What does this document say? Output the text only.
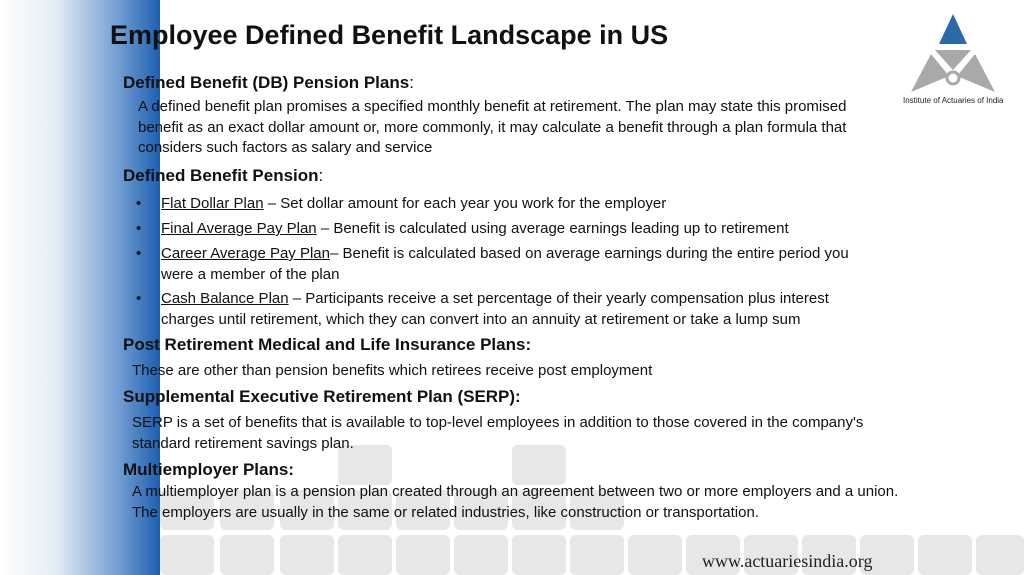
Employee Defined Benefit Landscape in US
Defined Benefit (DB) Pension Plans:
A defined benefit plan promises a specified monthly benefit at retirement. The plan may state this promised benefit as an exact dollar amount or, more commonly, it may calculate a benefit through a plan formula that considers such factors as salary and service
Defined Benefit Pension:
•	Flat Dollar Plan – Set dollar amount for each year you work for the employer
•	Final Average Pay Plan – Benefit is calculated using average earnings leading up to retirement
•	Career Average Pay Plan– Benefit is calculated based on average earnings during the entire period you were a member of the plan
•	Cash Balance Plan – Participants receive a set percentage of their yearly compensation plus interest charges until retirement, which they can convert into an annuity at retirement or take a lump sum
Post Retirement Medical and Life Insurance Plans:
These are other than pension benefits which retirees receive post employment
Supplemental Executive Retirement Plan (SERP):
SERP is a set of benefits that is available to top-level employees in addition to those covered in the company's standard retirement savings plan.
Multiemployer Plans:
A multiemployer plan is a pension plan created through an agreement between two or more employers and a union. The employers are usually in the same or related industries, like construction or transportation.
Institute of Actuaries of India
www.actuariesindia.org
